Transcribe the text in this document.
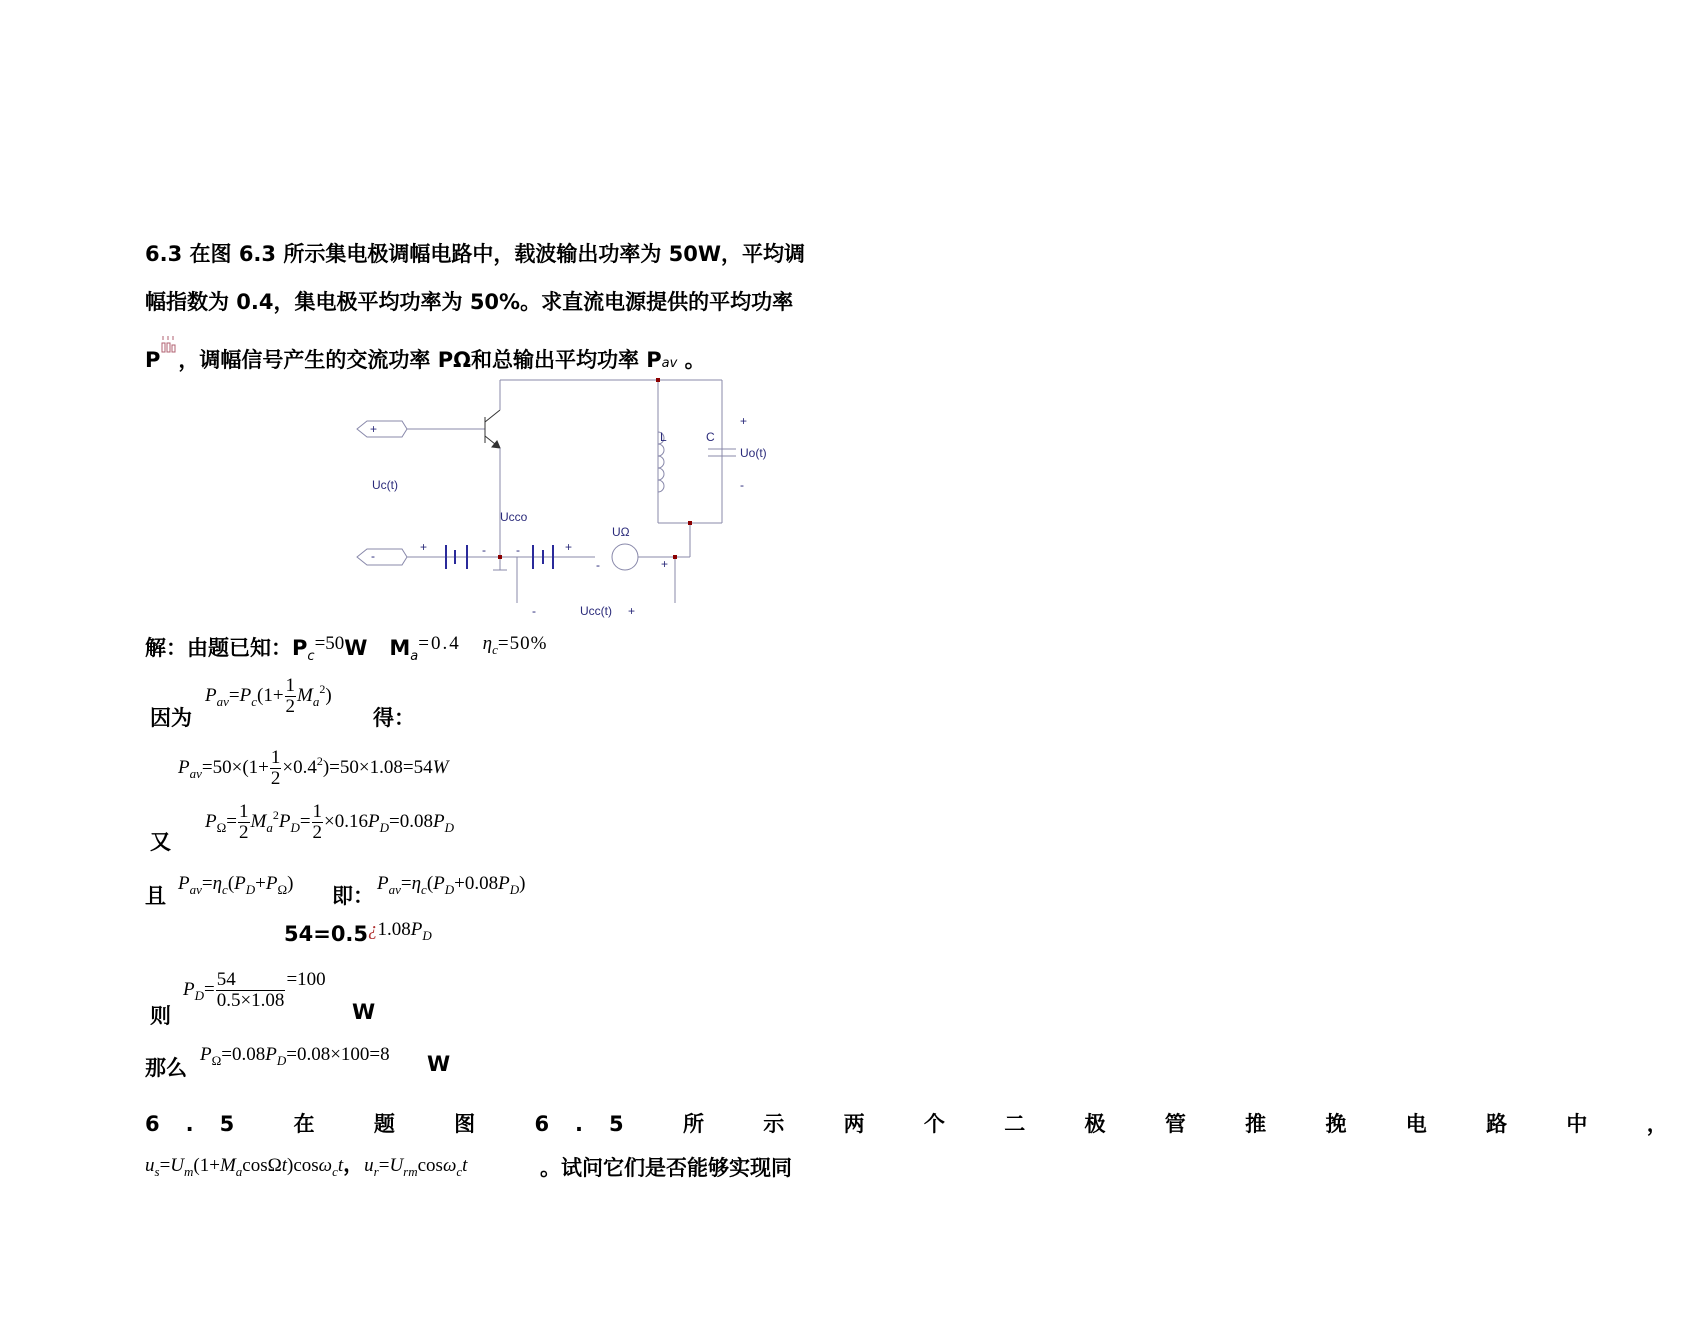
6.3 在图 6.3 所示集电极调幅电路中，载波输出功率为 50W，平均调
幅指数为 0.4，集电极平均功率为 50%。求直流电源提供的平均功率
P ，调幅信号产生的交流功率 PΩ和总输出平均功率 Pav 。
+
-
Uc(t)
Ucco
L	C
+
Uo(t)
-
UΩ
+	-	-	+
-	+
-	Ucc(t) +
解：由题已知：$P_c=50W$   $M_a=0.4$ $\eta_c=50\%$
因为
$P_{av}=P_c(1+ \frac{1}{2} M_a^2)$
得：
$P_{av}=50\times(1+ \frac{1}{2} \times 0.4^2)=50\times 1.08=54W$
又
$P_\Omega= \frac{1}{2} M_a^2P_D= \frac{1}{2} \times 0.16P_D=0.08P_D$
且
$P_{av}=\eta_c(P_D+P_\Omega)$
即：
$P_{av}=\eta_c(P_D+0.08P_D)$
$54=0.5¿1.08P_D$
则
$P_D= \frac{54}{0.5\times 1.08} =100$
W
那么
$P_\Omega=0.08P_D=0.08\times 100=8$ W
6.5 在 题 图 6.5 所 示 两 个 二 极 管 推 挽 电 路 中 ，
$u_s=U_m(1+M_a\cos\Omega t)\cos\omega_ct$，$u_r=U_{rm}\cos\omega_ct$	。试问它们是否能够实现同
